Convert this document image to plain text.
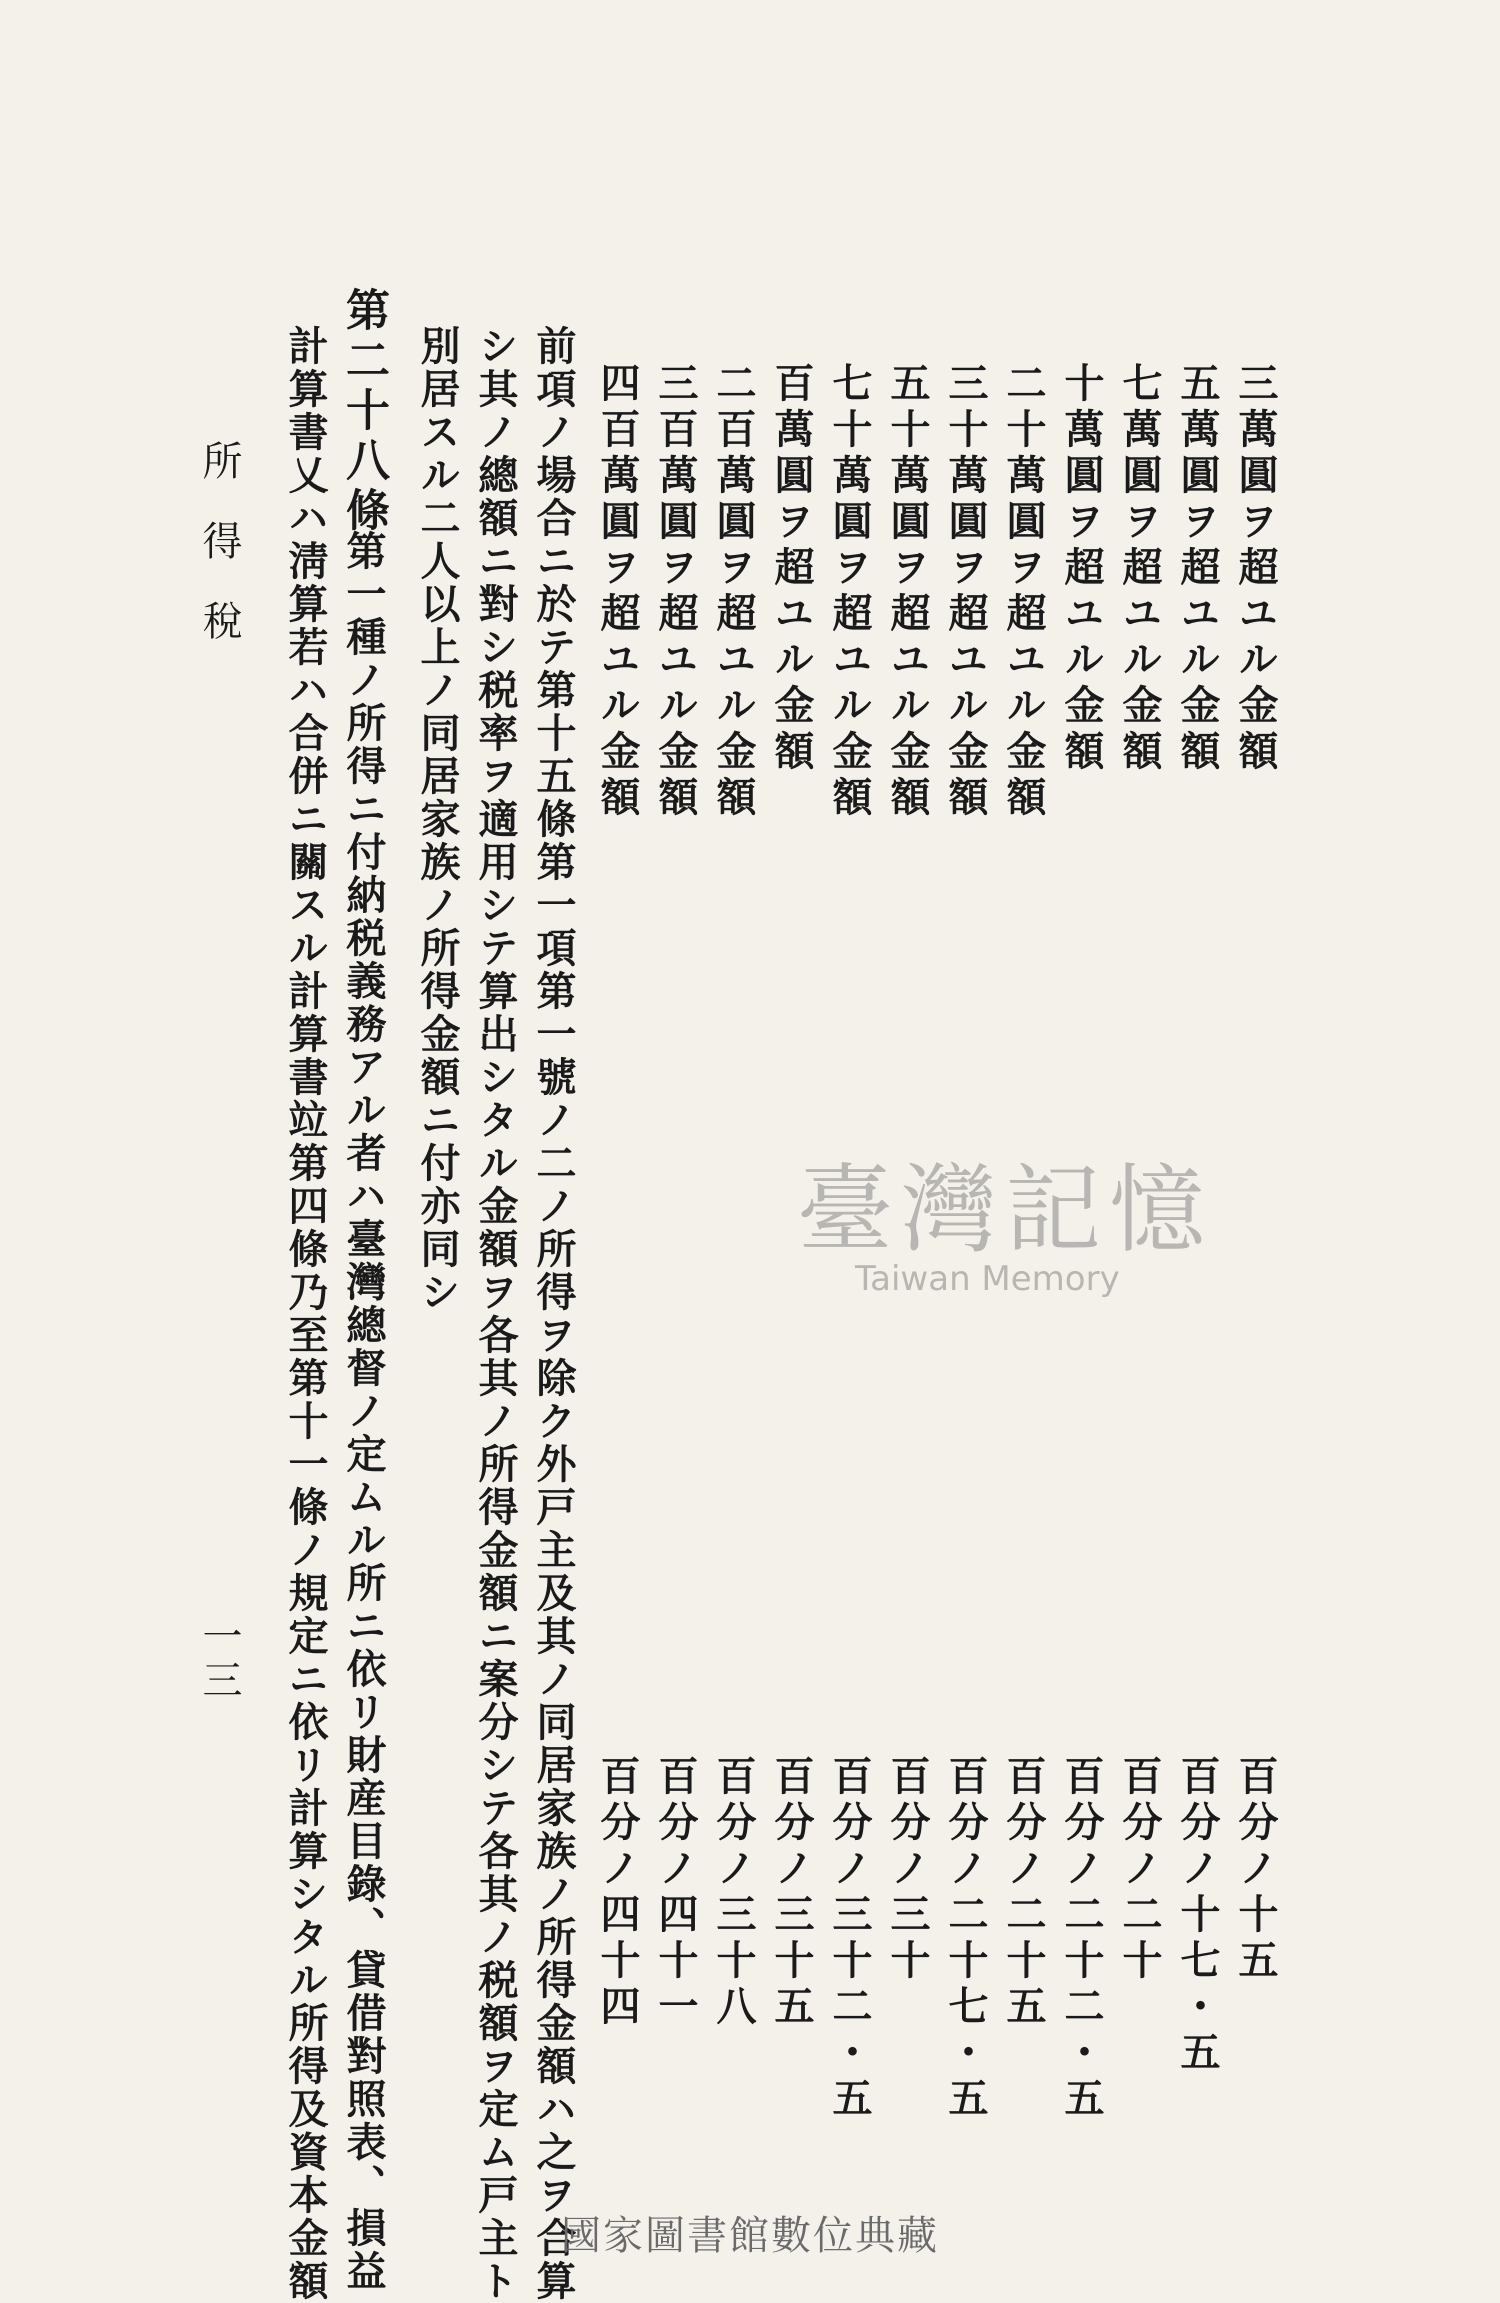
所得稅
一三
三萬圓ヲ超ユル金額
五萬圓ヲ超ユル金額
七萬圓ヲ超ユル金額
十萬圓ヲ超ユル金額
二十萬圓ヲ超ユル金額
三十萬圓ヲ超ユル金額
五十萬圓ヲ超ユル金額
七十萬圓ヲ超ユル金額
百萬圓ヲ超ユル金額
二百萬圓ヲ超ユル金額
三百萬圓ヲ超ユル金額
四百萬圓ヲ超ユル金額
百分ノ十五
百分ノ十七・五
百分ノ二十
百分ノ二十二・五
百分ノ二十五
百分ノ二十七・五
百分ノ三十
百分ノ三十二・五
百分ノ三十五
百分ノ三十八
百分ノ四十一
百分ノ四十四
前項ノ場合ニ於テ第十五條第一項第一號ノ二ノ所得ヲ除ク外戸主及其ノ同居家族ノ所得金額ハ之ヲ合算
シ其ノ總額ニ對シ税率ヲ適用シテ算出シタル金額ヲ各其ノ所得金額ニ案分シテ各其ノ税額ヲ定ム戸主ト
別居スル二人以上ノ同居家族ノ所得金額ニ付亦同シ
第二十八條
第一種ノ所得ニ付納税義務アル者ハ臺灣總督ノ定ムル所ニ依リ財産目錄、貸借對照表、損益
計算書乂ハ淸算若ハ合併ニ關スル計算書竝第四條乃至第十一條ノ規定ニ依リ計算シタル所得及資本金額	臺灣記憶
Taiwan Memory
國家圖書館數位典藏
